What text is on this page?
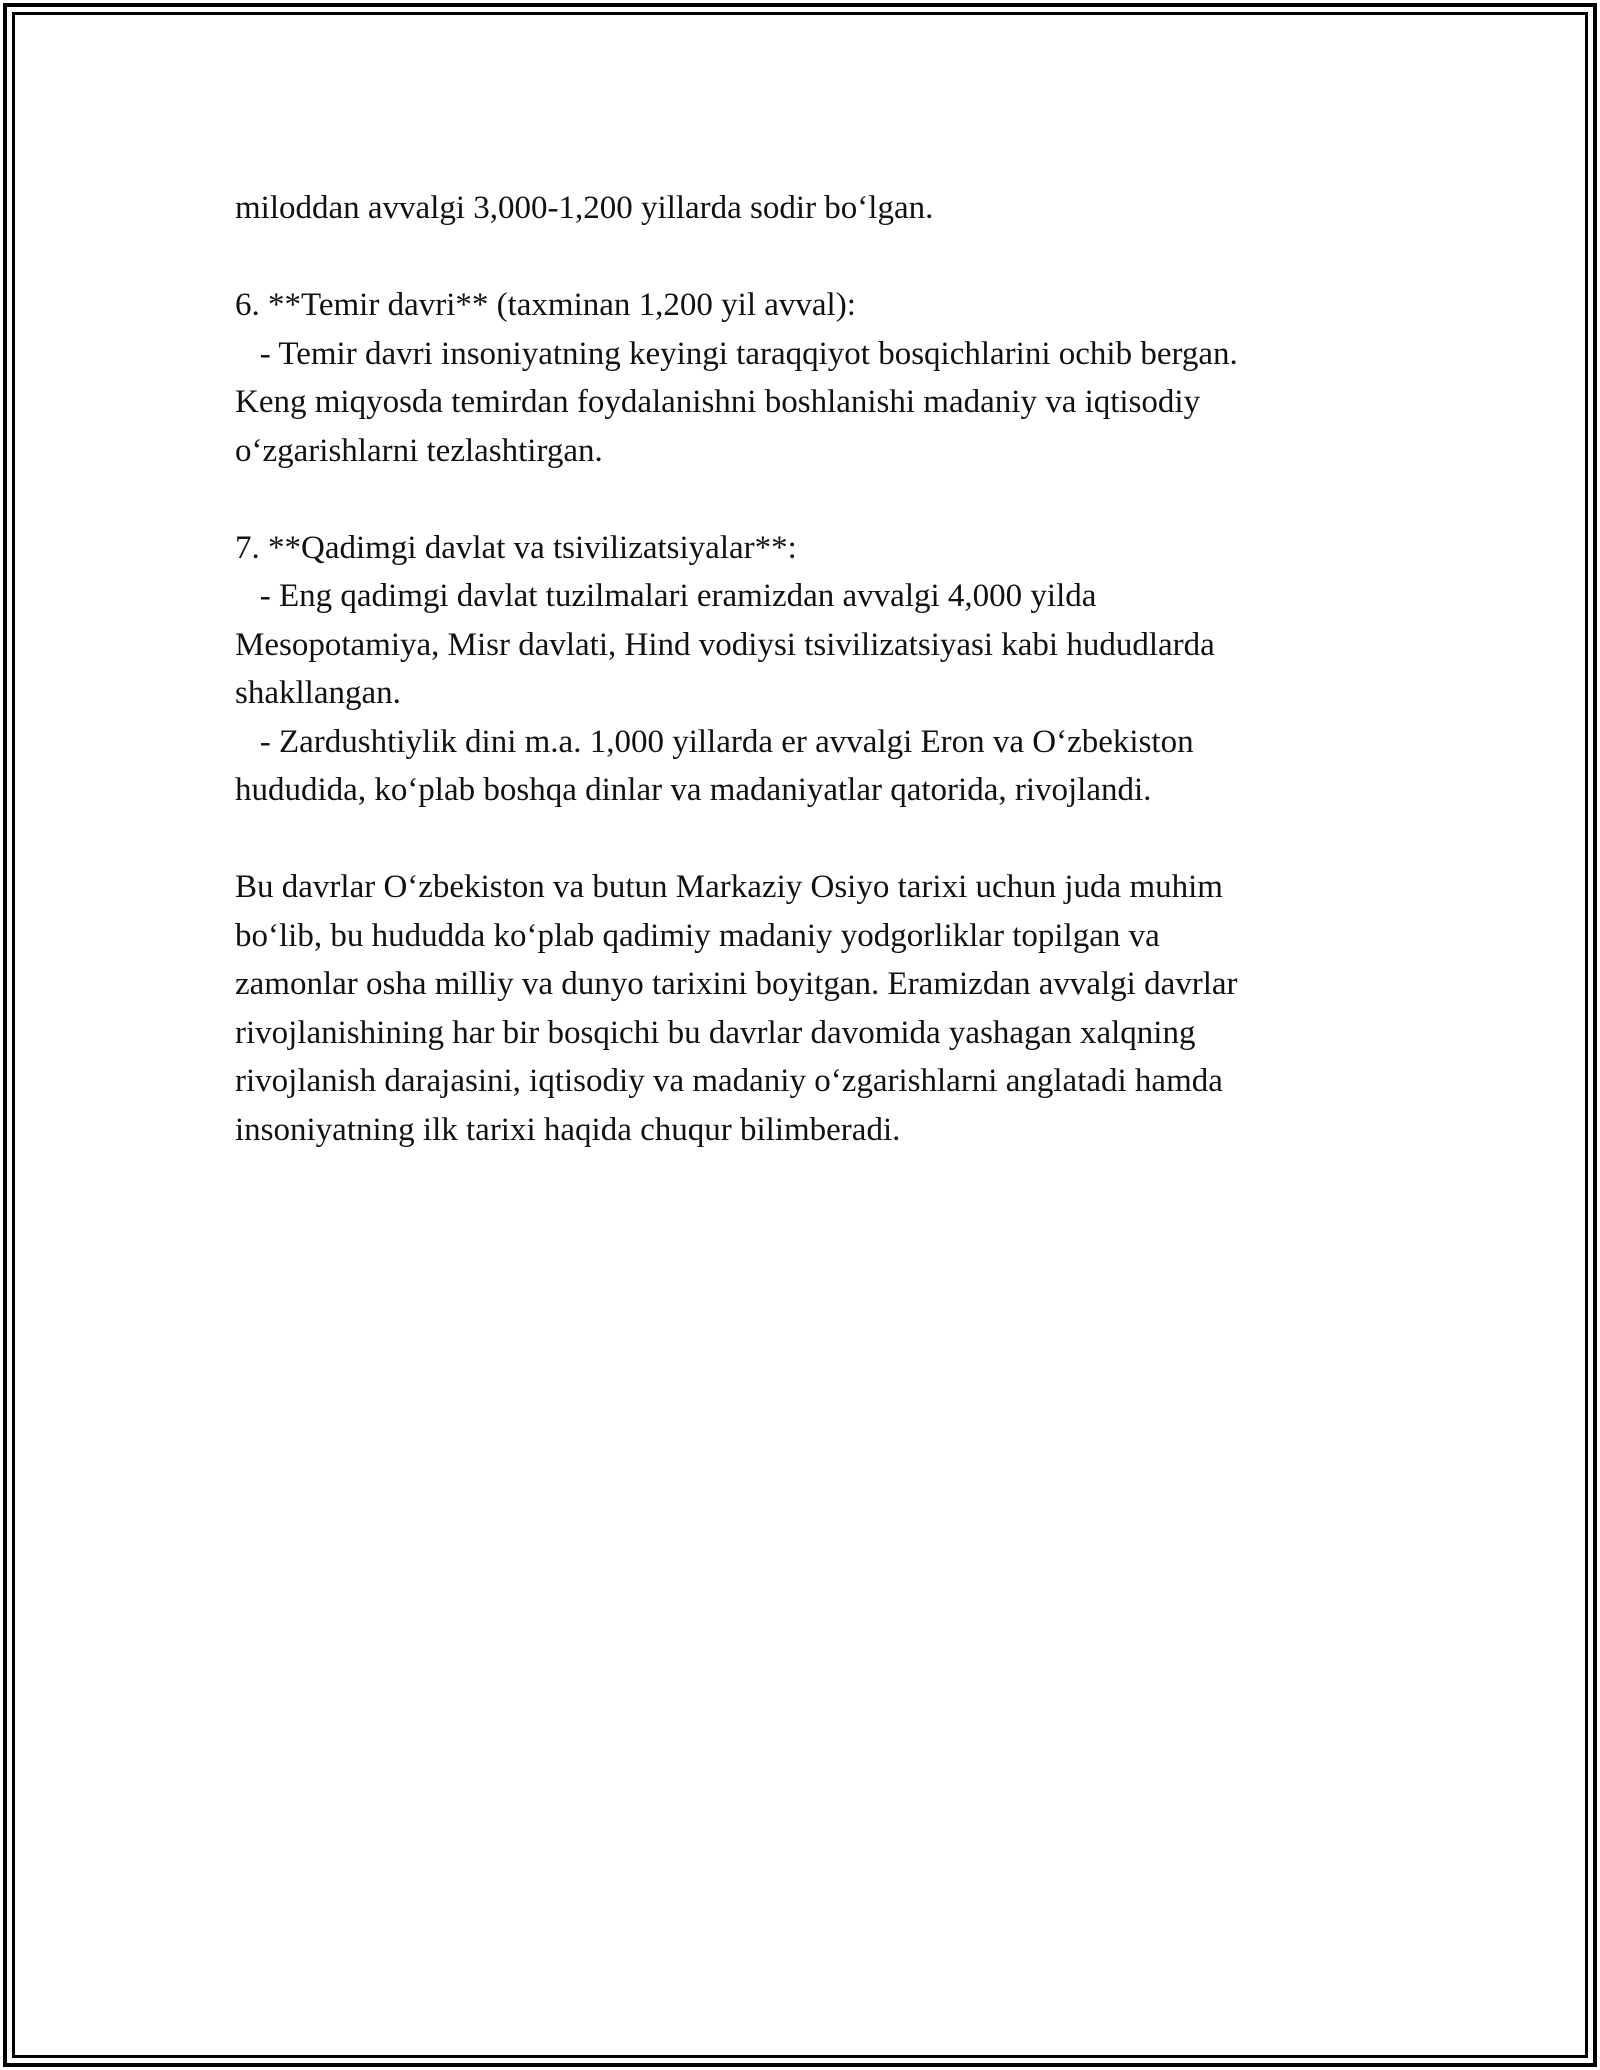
miloddan avvalgi 3,000-1,200 yillarda sodir bo‘lgan.
6. **Temir davri** (taxminan 1,200 yil avval):
- Temir davri insoniyatning keyingi taraqqiyot bosqichlarini ochib bergan.
Keng miqyosda temirdan foydalanishni boshlanishi madaniy va iqtisodiy
o‘zgarishlarni tezlashtirgan.
7. **Qadimgi davlat va tsivilizatsiyalar**:
- Eng qadimgi davlat tuzilmalari eramizdan avvalgi 4,000 yilda
Mesopotamiya, Misr davlati, Hind vodiysi tsivilizatsiyasi kabi hududlarda
shakllangan.
- Zardushtiylik dini m.a. 1,000 yillarda er avvalgi Eron va O‘zbekiston
hududida, ko‘plab boshqa dinlar va madaniyatlar qatorida, rivojlandi.
Bu davrlar O‘zbekiston va butun Markaziy Osiyo tarixi uchun juda muhim
bo‘lib, bu hududda ko‘plab qadimiy madaniy yodgorliklar topilgan va
zamonlar osha milliy va dunyo tarixini boyitgan. Eramizdan avvalgi davrlar
rivojlanishining har bir bosqichi bu davrlar davomida yashagan xalqning
rivojlanish darajasini, iqtisodiy va madaniy o‘zgarishlarni anglatadi hamda
insoniyatning ilk tarixi haqida chuqur bilimberadi.
